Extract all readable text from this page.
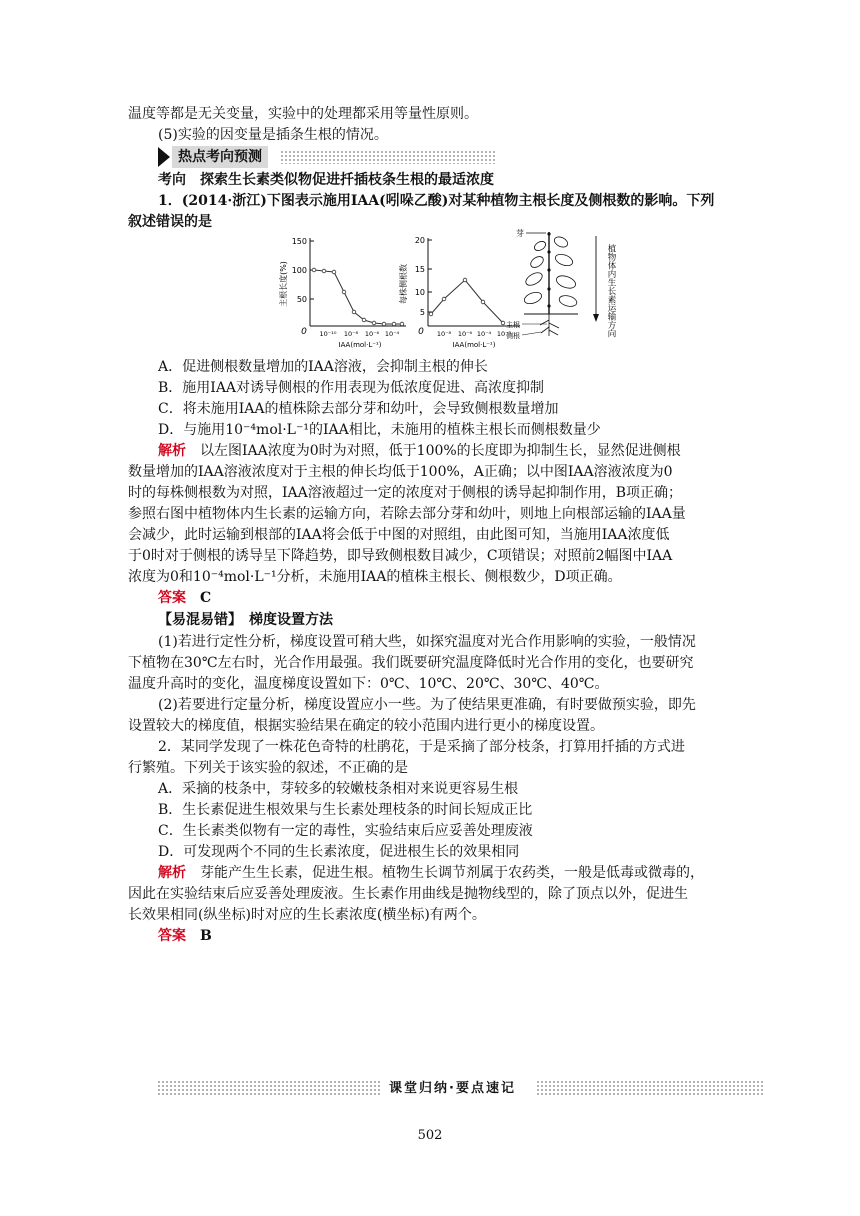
温度等都是无关变量，实验中的处理都采用等量性原则。
(5)实验的因变量是插条生根的情况。
热点考向预测
考向　探索生长素类似物促进扦插枝条生根的最适浓度
1．(2014·浙江)下图表示施用IAA(吲哚乙酸)对某种植物主根长度及侧根数的影响。下列
叙述错误的是
主根长度(%)
150
100
50
0 10⁻¹⁰ 10⁻⁸ 10⁻⁶ 10⁻⁴
IAA(mol·L⁻¹)
每株侧根数
20
15
10
5
0 10⁻⁸ 10⁻⁶ 10⁻⁴ 10⁻³
IAA(mol·L⁻¹)
芽
主根
侧根	植物体内生长素运输方向
A．促进侧根数量增加的IAA溶液，会抑制主根的伸长
B．施用IAA对诱导侧根的作用表现为低浓度促进、高浓度抑制
C．将未施用IAA的植株除去部分芽和幼叶，会导致侧根数量增加
D．与施用10⁻⁴mol·L⁻¹的IAA相比，未施用的植株主根长而侧根数量少
解析　以左图IAA浓度为0时为对照，低于100%的长度即为抑制生长，显然促进侧根
数量增加的IAA溶液浓度对于主根的伸长均低于100%，A正确；以中图IAA溶液浓度为0
时的每株侧根数为对照，IAA溶液超过一定的浓度对于侧根的诱导起抑制作用，B项正确；
参照右图中植物体内生长素的运输方向，若除去部分芽和幼叶，则地上向根部运输的IAA量
会减少，此时运输到根部的IAA将会低于中图的对照组，由此图可知，当施用IAA浓度低
于0时对于侧根的诱导呈下降趋势，即导致侧根数目减少，C项错误；对照前2幅图中IAA
浓度为0和10⁻⁴mol·L⁻¹分析，未施用IAA的植株主根长、侧根数少，D项正确。
答案　 C
【易混易错】　梯度设置方法
(1)若进行定性分析，梯度设置可稍大些，如探究温度对光合作用影响的实验，一般情况
下植物在30℃左右时，光合作用最强。我们既要研究温度降低时光合作用的变化，也要研究
温度升高时的变化，温度梯度设置如下：0℃、10℃、20℃、30℃、40℃。
(2)若要进行定量分析，梯度设置应小一些。为了使结果更准确，有时要做预实验，即先
设置较大的梯度值，根据实验结果在确定的较小范围内进行更小的梯度设置。
2．某同学发现了一株花色奇特的杜鹃花，于是采摘了部分枝条，打算用扦插的方式进
行繁殖。下列关于该实验的叙述，不正确的是
A．采摘的枝条中，芽较多的较嫩枝条相对来说更容易生根
B．生长素促进生根效果与生长素处理枝条的时间长短成正比
C．生长素类似物有一定的毒性，实验结束后应妥善处理废液
D．可发现两个不同的生长素浓度，促进根生长的效果相同
解析　芽能产生生长素，促进生根。植物生长调节剂属于农药类，一般是低毒或微毒的，
因此在实验结束后应妥善处理废液。生长素作用曲线是抛物线型的，除了顶点以外，促进生
长效果相同(纵坐标)时对应的生长素浓度(横坐标)有两个。
答案　 B
课堂归纳·要点速记
502
